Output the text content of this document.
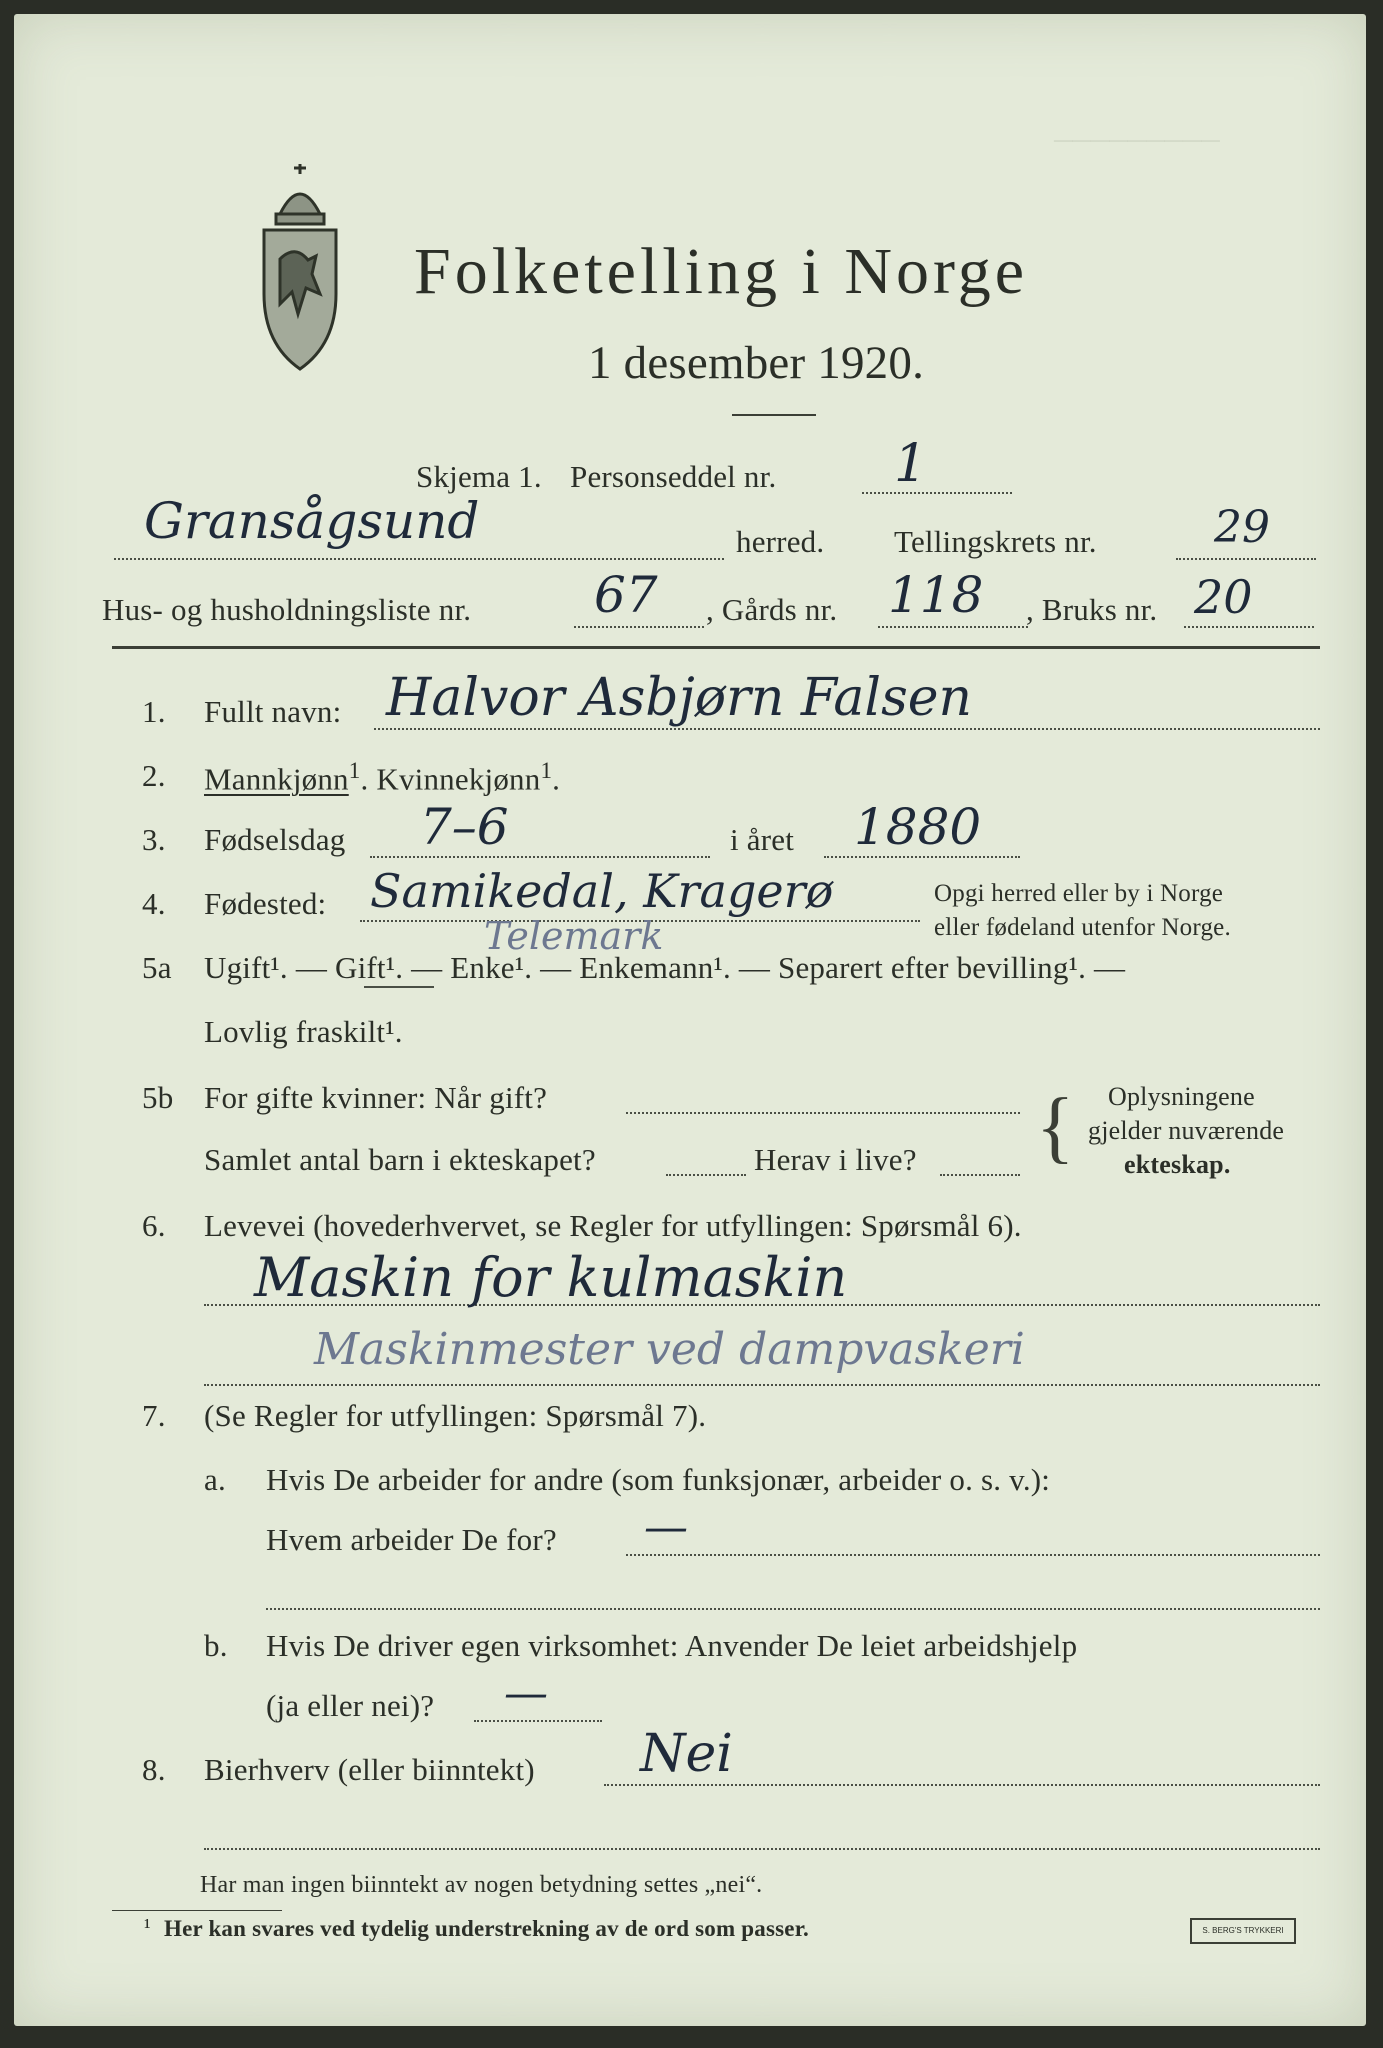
─────────
Folketelling i Norge
1 desember 1920.
Skjema 1. Personseddel nr. 1
Gransågsund	herred. Tellingskrets nr.	29
Hus- og husholdningsliste nr. 67 , Gårds nr. 118 , Bruks nr. 20
1. Fullt navn: Halvor Asbjørn Falsen
2. Mannkjønn$^1$. Kvinnekjønn$^1$.
3. Fødselsdag 7–6	i året 1880
4. Fødested: Samikedal, Kragerø
Telemark
Opgi herred eller by i Norge
eller fødeland utenfor Norge.
5a Ugift¹. — Gift¹. — Enke¹. — Enkemann¹. — Separert efter bevilling¹. —
Lovlig fraskilt¹.
5b For gifte kvinner: Når gift?
Samlet antal barn i ekteskapet?	Herav i live? { Oplysningene
gjelder nuværende
ekteskap.
6. Levevei (hovederhvervet, se Regler for utfyllingen: Spørsmål 6).
Maskin for kulmaskin
Maskinmester ved dampvaskeri
7. (Se Regler for utfyllingen: Spørsmål 7).
a. Hvis De arbeider for andre (som funksjonær, arbeider o. s. v.):
Hvem arbeider De for? —
b. Hvis De driver egen virksomhet: Anvender De leiet arbeidshjelp
(ja eller nei)? —
8. Bierhverv (eller biinntekt) Nei
Har man ingen biinntekt av nogen betydning settes „nei“.
¹ Her kan svares ved tydelig understrekning av de ord som passer.	S. BERG'S TRYKKERI
